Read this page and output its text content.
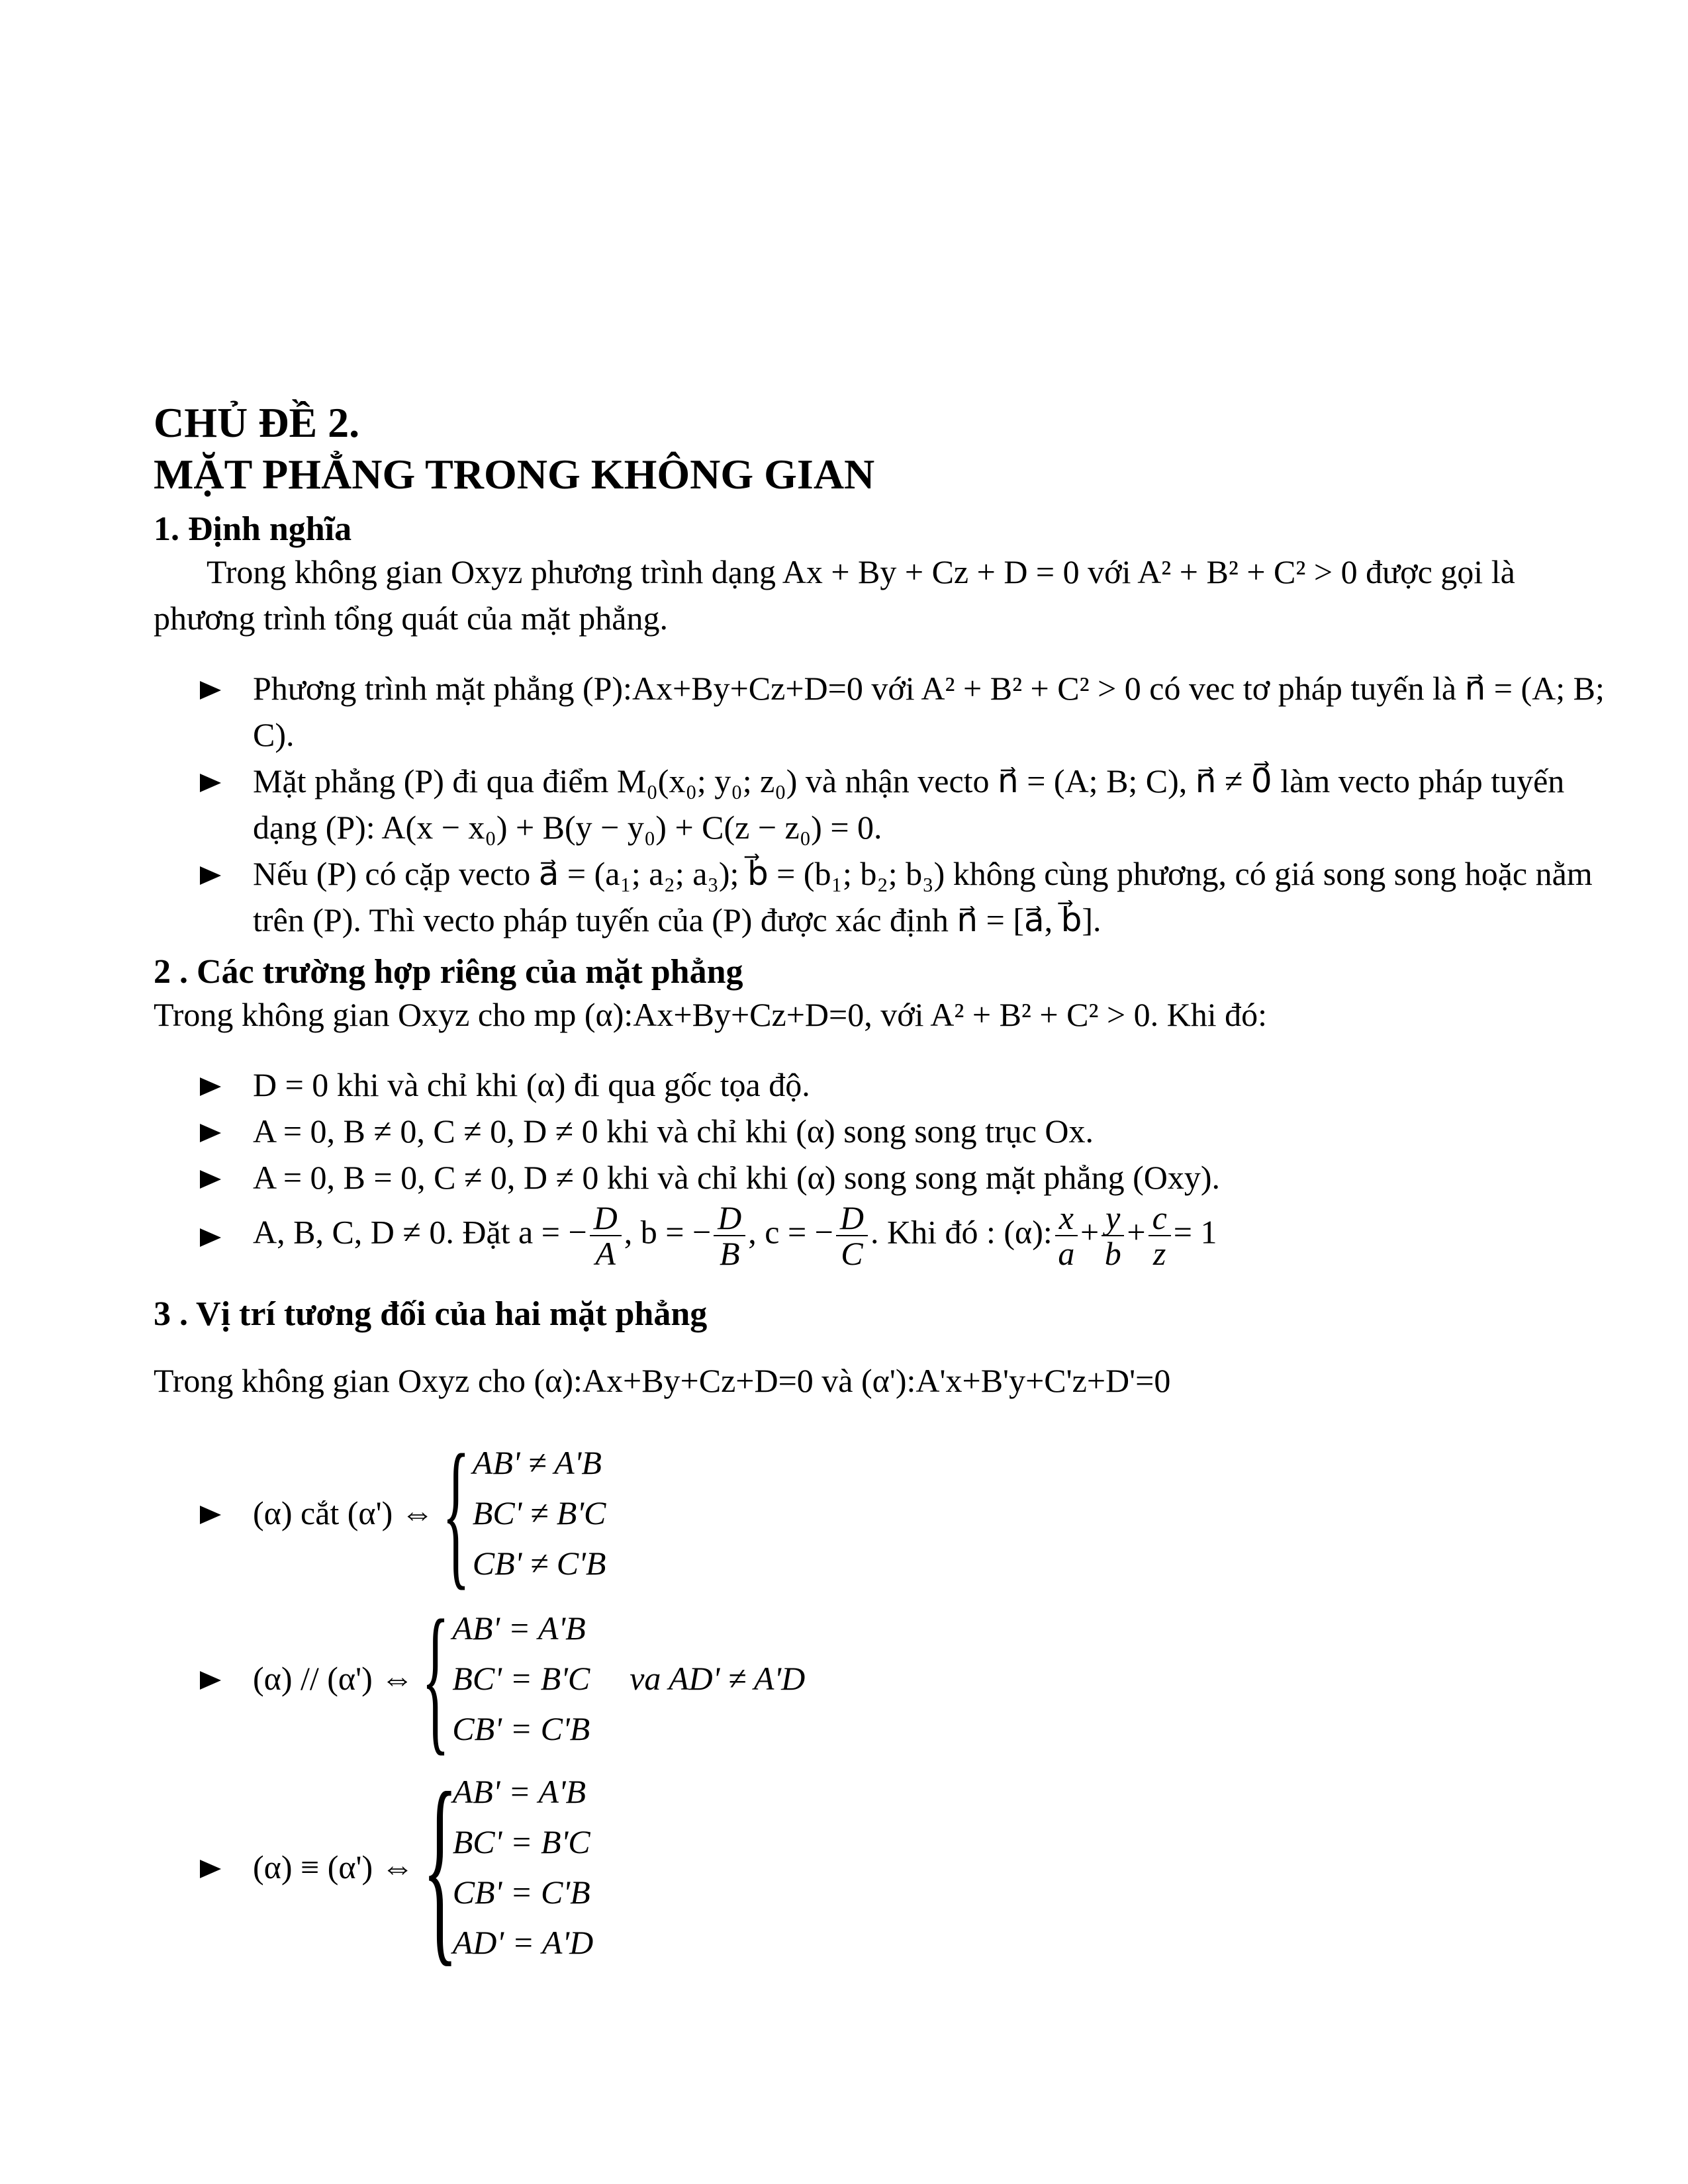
CHỦ ĐỀ 2.
MẶT PHẲNG TRONG KHÔNG GIAN
1. Định nghĩa
Trong không gian Oxyz phương trình dạng Ax + By + Cz + D = 0 với A² + B² + C² > 0 được gọi là phương trình tổng quát của mặt phẳng.
Phương trình mặt phẳng (P):Ax+By+Cz+D=0 với A² + B² + C² > 0 có vec tơ pháp tuyến là n⃗ = (A; B; C).
Mặt phẳng (P) đi qua điểm M₀(x₀; y₀; z₀) và nhận vecto n⃗ = (A; B; C), n⃗ ≠ 0⃗ làm vecto pháp tuyến dạng (P): A(x − x₀) + B(y − y₀) + C(z − z₀) = 0.
Nếu (P) có cặp vecto a⃗ = (a₁; a₂; a₃); b⃗ = (b₁; b₂; b₃) không cùng phương, có giá song song hoặc nằm trên (P). Thì vecto pháp tuyến của (P) được xác định n⃗ = [a⃗, b⃗].
2 . Các trường hợp riêng của mặt phẳng
Trong không gian Oxyz cho mp (α):Ax+By+Cz+D=0, với A² + B² + C² > 0. Khi đó:
D = 0 khi và chỉ khi (α) đi qua gốc tọa độ.
A = 0, B ≠ 0, C ≠ 0, D ≠ 0 khi và chỉ khi (α) song song trục Ox.
A = 0, B = 0, C ≠ 0, D ≠ 0 khi và chỉ khi (α) song song mặt phẳng (Oxy).
A, B, C, D ≠ 0. Đặt a = − $\frac{D}{A}$ , b = − $\frac{D}{B}$ , c = − $\frac{D}{C}$ . Khi đó : (α): $\frac{x}{a} + \frac{y}{b} + \frac{c}{z} = 1$
3 . Vị trí tương đối của hai mặt phẳng
Trong không gian Oxyz cho (α):Ax+By+Cz+D=0 và (α'):A'x+B'y+C'z+D'=0
(α) cắt (α') ⇔ { AB' ≠ A'B
BC' ≠ B'C
CB' ≠ C'B
(α) // (α') ⇔ { AB' = A'B
BC' = B'C
CB' = C'B
va AD' ≠ A'D
(α) ≡ (α') ⇔ {
AB' = A'B
BC' = B'C
CB' = C'B
AD' = A'D
